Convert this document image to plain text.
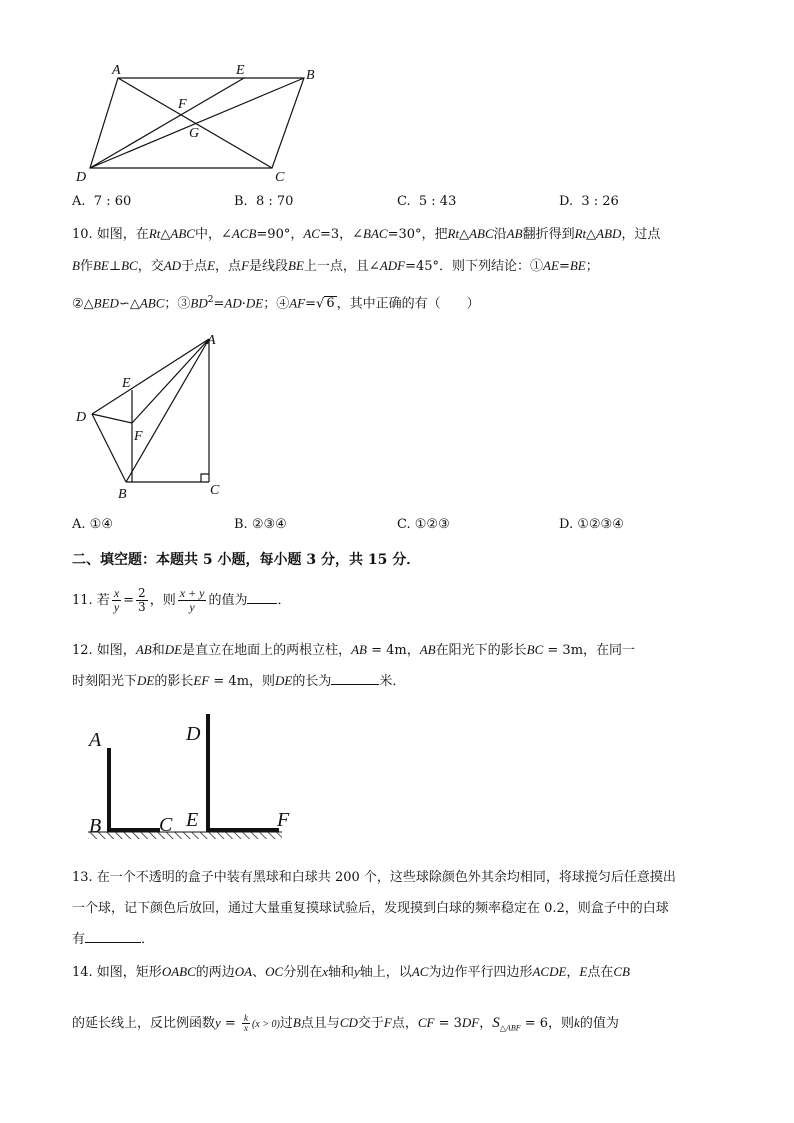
A	E	B
F
G
D	C
A. 7 : 60	B. 8 : 70	C. 5 : 43	D. 3 : 26
10. 如图，在Rt△ABC中，∠ACB=90°，AC=3，∠BAC=30°，把Rt△ABC沿AB翻折得到Rt△ABD，过点
B作BE⊥BC，交AD于点E，点F是线段BE上一点，且∠ADF=45°．则下列结论：①AE=BE；
②△BED∽△ABC；$③BD^2=AD\cdot DE$；④AF=√ 6 ，其中正确的有（　　）
A
E
D
F
B	C
A. ①④	B. ②③④	C. ①②③	D. ①②③④
二、填空题：本题共 5 小题，每小题 3 分，共 15 分．
11. 若 $\frac{x}{y} = \frac{2}{3}$ ，则 $\frac{x + y}{y}$ 的值为 ．
12. 如图，AB和DE是直立在地面上的两根立柱，AB = 4m，AB在阳光下的影长BC = 3m，在同一
时刻阳光下DE的影长EF = 4m，则DE的长为	米．
A
B	C
D
E	F
13. 在一个不透明的盒子中装有黑球和白球共 200 个，这些球除颜色外其余均相同，将球搅匀后任意摸出
一个球，记下颜色后放回，通过大量重复摸球试验后，发现摸到白球的频率稳定在 0.2，则盒子中的白球
有	．
14. 如图，矩形OABC的两边OA、OC分别在x轴和y轴上，以AC为边作平行四边形ACDE，E点在CB
的延长线上，反比例函数$y = \frac{k}{x} (x > 0)$过B点且与CD交于F点，CF = 3DF，$S_{\triangle ABF} = 6$，则k的值为
